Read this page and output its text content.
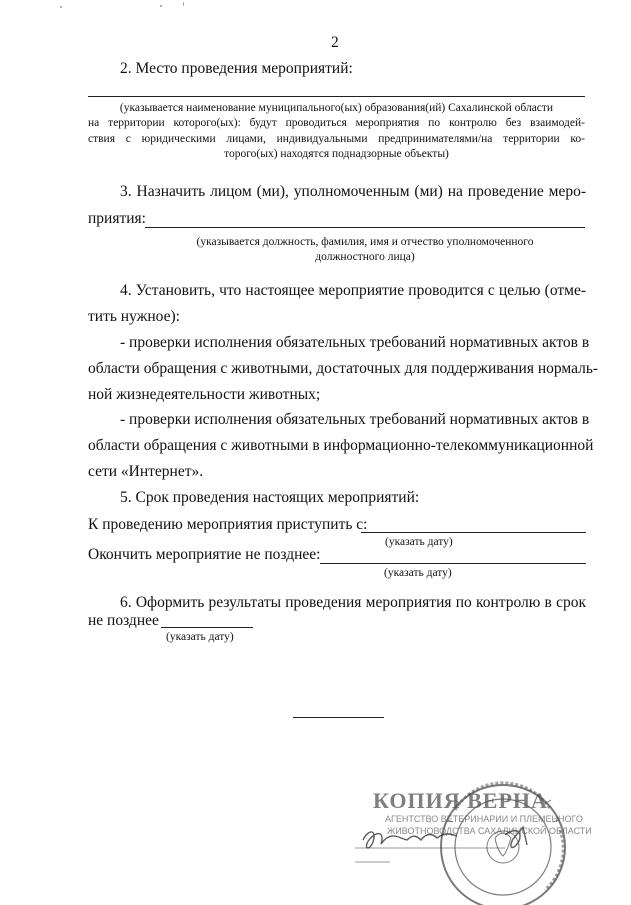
2
2. Место проведения мероприятий:
(указывается наименование муниципального(ых) образования(ий) Сахалинской области
на территории которого(ых): будут проводиться мероприятия по контролю без взаимодей-
ствия с юридическими лицами, индивидуальными предпринимателями/на территории ко-
торого(ых) находятся поднадзорные объекты)
3. Назначить лицом (ми), уполномоченным (ми) на проведение меро-
приятия:
(указывается должность, фамилия, имя и отчество уполномоченного
должностного лица)
4. Установить, что настоящее мероприятие проводится с целью (отме-
тить нужное):
- проверки исполнения обязательных требований нормативных актов в
области обращения с животными, достаточных для поддерживания нормаль-
ной жизнедеятельности животных;
- проверки исполнения обязательных требований нормативных актов в
области обращения с животными в информационно-телекоммуникационной
сети «Интернет».
5. Срок проведения настоящих мероприятий:
К проведению мероприятия приступить с:
(указать дату)
Окончить мероприятие не позднее:
(указать дату)
6. Оформить результаты проведения мероприятия по контролю в срок
не позднее
(указать дату)
КОПИЯ ВЕРНА
АГЕНТСТВО ВЕТЕРИНАРИИ И ПЛЕМЕННОГО
ЖИВОТНОВОДСТВА САХАЛИНСКОЙ ОБЛАСТИ
